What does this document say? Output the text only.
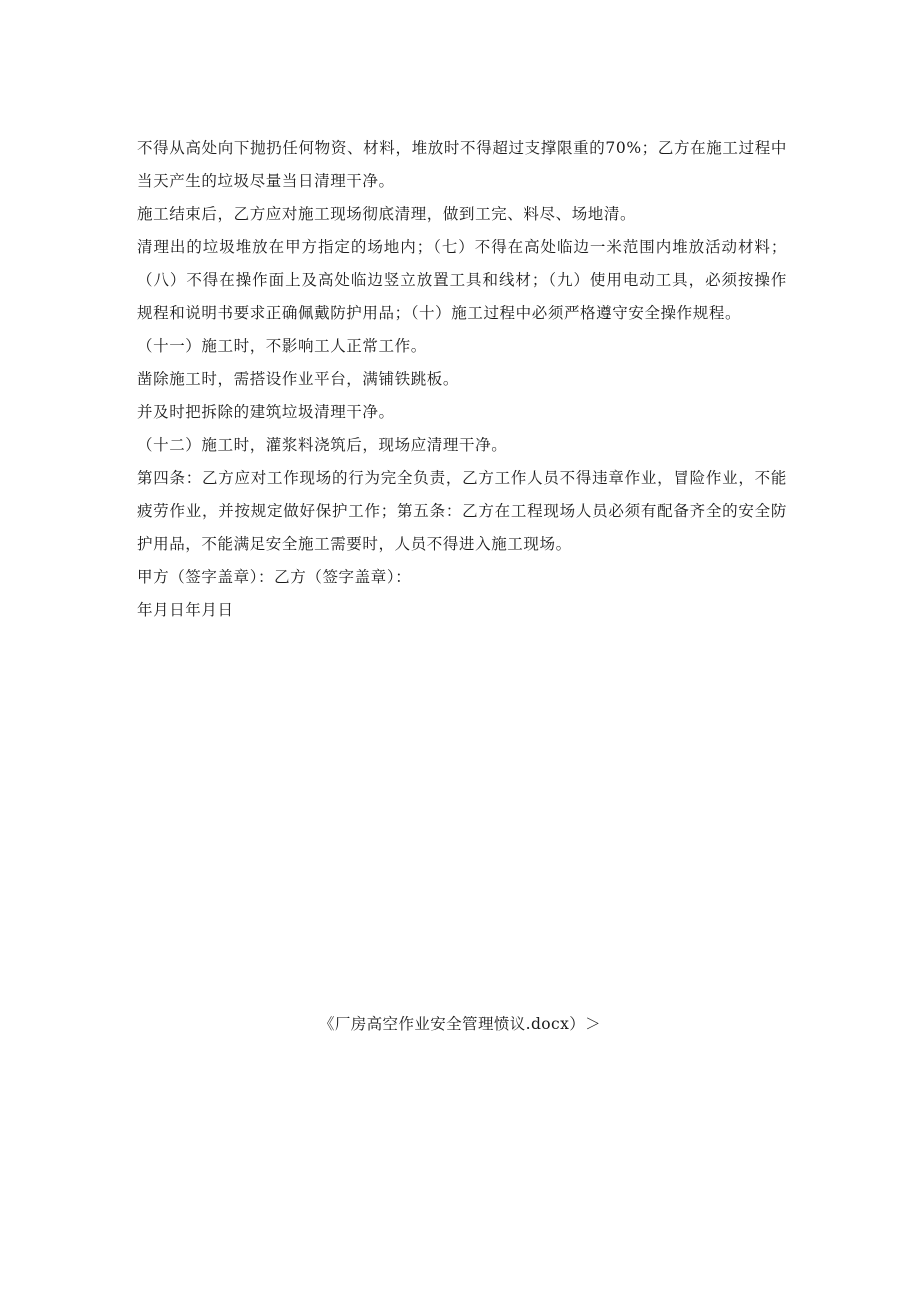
不得从高处向下抛扔任何物资、材料，堆放时不得超过支撑限重的70%；乙方在施工过程中当天产生的垃圾尽量当日清理干净。

施工结束后，乙方应对施工现场彻底清理，做到工完、料尽、场地清。

清理出的垃圾堆放在甲方指定的场地内；（七）不得在高处临边一米范围内堆放活动材料；（八）不得在操作面上及高处临边竖立放置工具和线材；（九）使用电动工具，必须按操作规程和说明书要求正确佩戴防护用品；（十）施工过程中必须严格遵守安全操作规程。

（十一）施工时，不影响工人正常工作。

凿除施工时，需搭设作业平台，满铺铁跳板。

并及时把拆除的建筑垃圾清理干净。

（十二）施工时，灌浆料浇筑后，现场应清理干净。

第四条：乙方应对工作现场的行为完全负责，乙方工作人员不得违章作业，冒险作业，不能疲劳作业，并按规定做好保护工作；第五条：乙方在工程现场人员必须有配备齐全的安全防护用品，不能满足安全施工需要时，人员不得进入施工现场。

甲方（签字盖章）：乙方（签字盖章）：

年月日年月日

《厂房高空作业安全管理愤议.docx）＞
